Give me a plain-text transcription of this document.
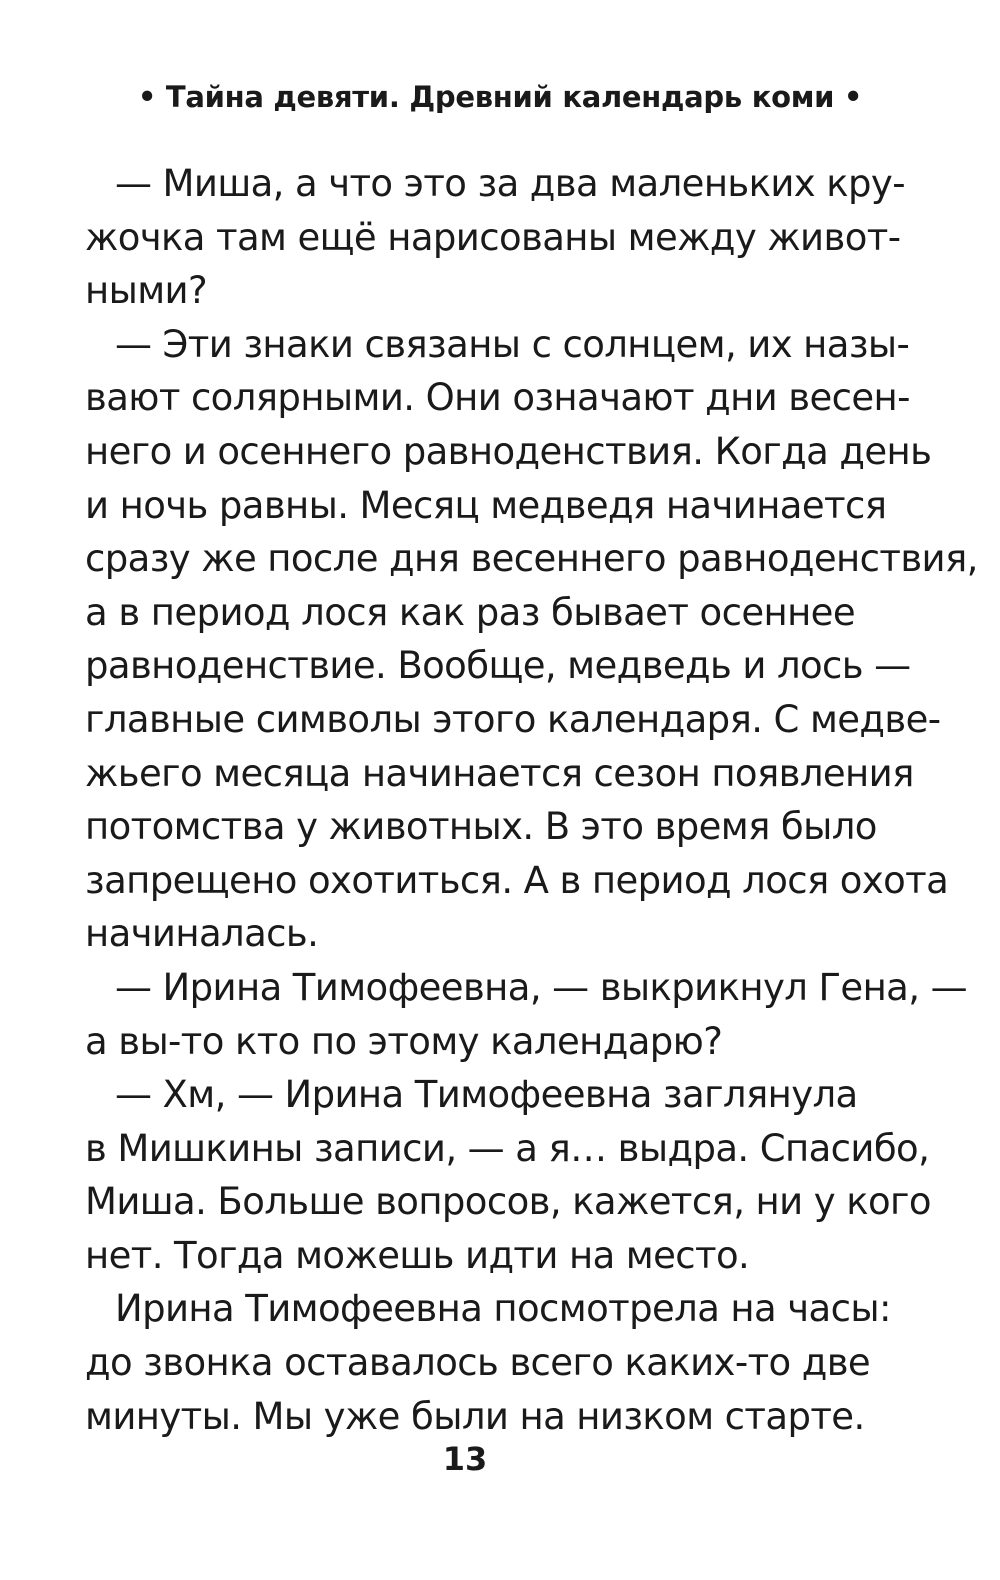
• Тайна девяти. Древний календарь коми •
— Миша, а что это за два маленьких кру-
жочка там ещё нарисованы между живот-
ными?
— Эти знаки связаны с солнцем, их назы-
вают солярными. Они означают дни весен-
него и осеннего равноденствия. Когда день
и ночь равны. Месяц медведя начинается
сразу же после дня весеннего равноденствия,
а в период лося как раз бывает осеннее
равноденствие. Вообще, медведь и лось —
главные символы этого календаря. С медве-
жьего месяца начинается сезон появления
потомства у животных. В это время было
запрещено охотиться. А в период лося охота
начиналась.
— Ирина Тимофеевна, — выкрикнул Гена, —
а вы-то кто по этому календарю?
— Хм, — Ирина Тимофеевна заглянула
в Мишкины записи, — а я… выдра. Спасибо,
Миша. Больше вопросов, кажется, ни у кого
нет. Тогда можешь идти на место.
Ирина Тимофеевна посмотрела на часы:
до звонка оставалось всего каких-то две
минуты. Мы уже были на низком старте.
13
